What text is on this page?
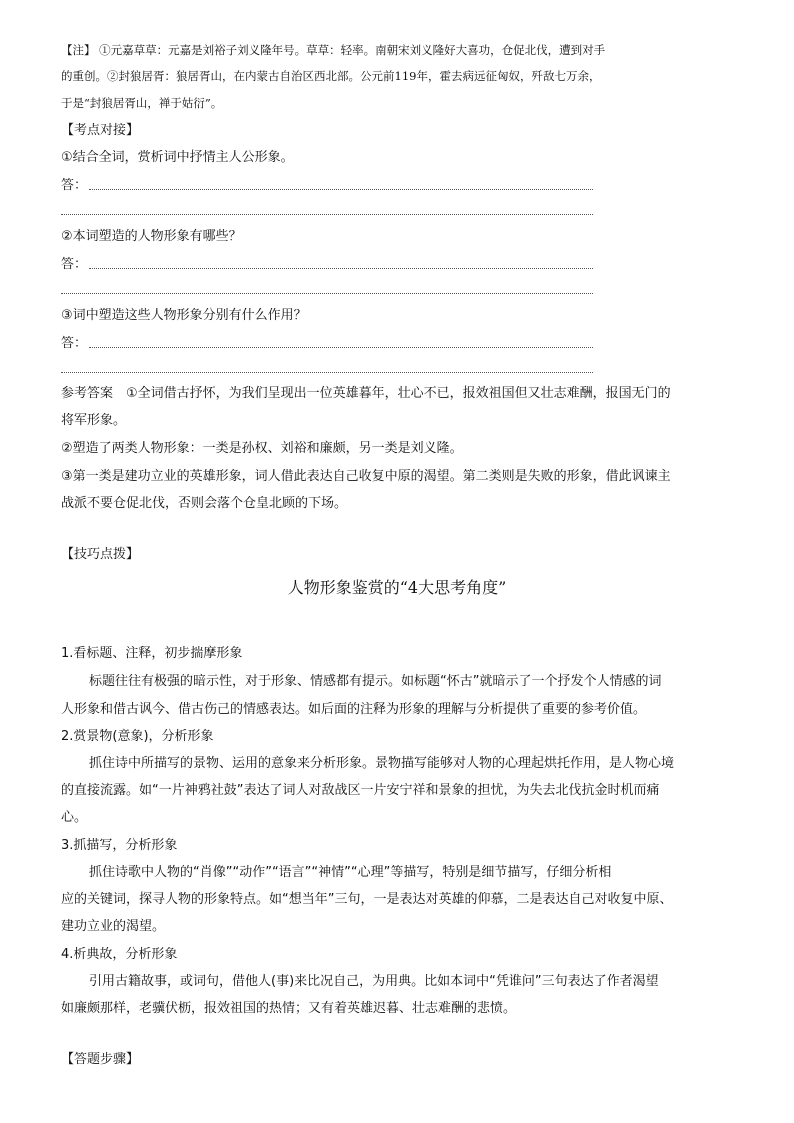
【注】 ①元嘉草草：元嘉是刘裕子刘义隆年号。草草：轻率。南朝宋刘义隆好大喜功，仓促北伐，遭到对手
的重创。②封狼居胥：狼居胥山，在内蒙古自治区西北部。公元前119年，霍去病远征匈奴，歼敌七万余，
于是“封狼居胥山，禅于姑衍”。
【考点对接】
①结合全词，赏析词中抒情主人公形象。
答：
②本词塑造的人物形象有哪些？
答：
③词中塑造这些人物形象分别有什么作用？
答：
参考答案　①全词借古抒怀，为我们呈现出一位英雄暮年，壮心不已，报效祖国但又壮志难酬，报国无门的
将军形象。
②塑造了两类人物形象：一类是孙权、刘裕和廉颇，另一类是刘义隆。
③第一类是建功立业的英雄形象，词人借此表达自己收复中原的渴望。第二类则是失败的形象，借此讽谏主
战派不要仓促北伐，否则会落个仓皇北顾的下场。
【技巧点拨】
人物形象鉴赏的“4大思考角度”
1.看标题、注释，初步揣摩形象
标题往往有极强的暗示性，对于形象、情感都有提示。如标题“怀古”就暗示了一个抒发个人情感的词
人形象和借古讽今、借古伤己的情感表达。如后面的注释为形象的理解与分析提供了重要的参考价值。
2.赏景物(意象)，分析形象
抓住诗中所描写的景物、运用的意象来分析形象。景物描写能够对人物的心理起烘托作用，是人物心境
的直接流露。如“一片神鸦社鼓”表达了词人对敌战区一片安宁祥和景象的担忧，为失去北伐抗金时机而痛
心。
3.抓描写，分析形象
抓住诗歌中人物的“肖像”“动作”“语言”“神情”“心理”等描写，特别是细节描写，仔细分析相
应的关键词，探寻人物的形象特点。如“想当年”三句，一是表达对英雄的仰慕，二是表达自己对收复中原、
建功立业的渴望。
4.析典故，分析形象
引用古籍故事，或词句，借他人(事)来比况自己，为用典。比如本词中“凭谁问”三句表达了作者渴望
如廉颇那样，老骥伏枥，报效祖国的热情；又有着英雄迟暮、壮志难酬的悲愤。
【答题步骤】
